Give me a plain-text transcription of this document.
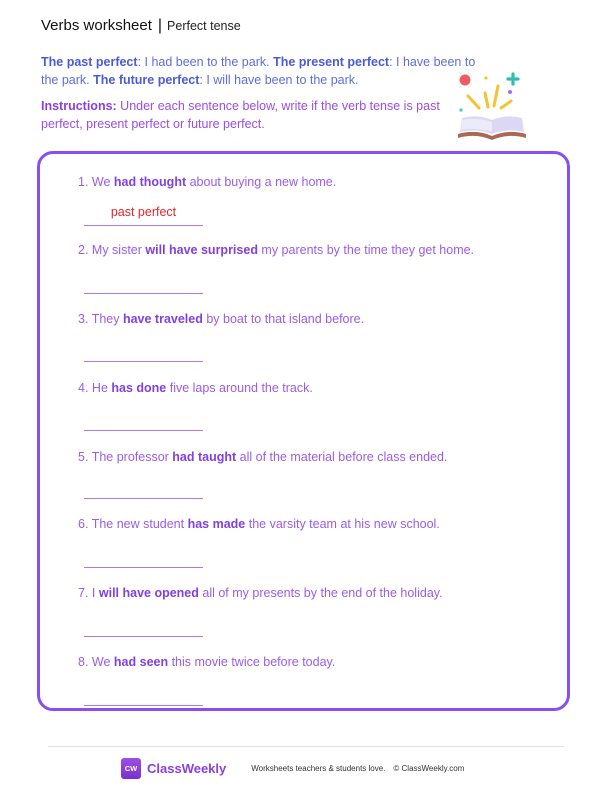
Verbs worksheet | Perfect tense
The past perfect: I had been to the park. The present perfect: I have been to the park. The future perfect: I will have been to the park.
Instructions: Under each sentence below, write if the verb tense is past perfect, present perfect or future perfect.
1. We had thought about buying a new home.
past perfect
2. My sister will have surprised my parents by the time they get home.
3. They have traveled by boat to that island before.
4. He has done five laps around the track.
5. The professor had taught all of the material before class ended.
6. The new student has made the varsity team at his new school.
7. I will have opened all of my presents by the end of the holiday.
8. We had seen this movie twice before today.
CW ClassWeekly	Worksheets teachers & students love. © ClassWeekly.com
